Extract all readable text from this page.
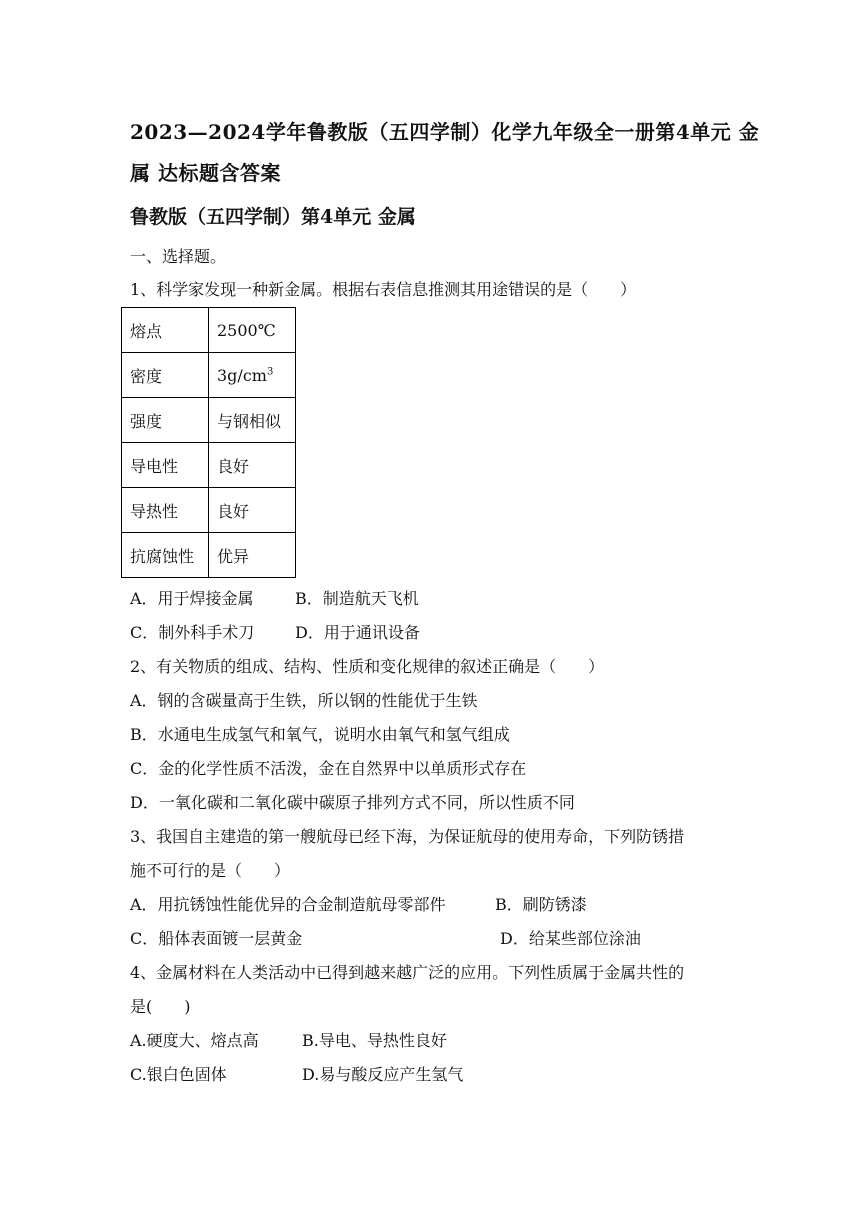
2023—2024学年鲁教版（五四学制）化学九年级全一册第4单元 金
属 达标题含答案
鲁教版（五四学制）第4单元 金属
一、选择题。
1、科学家发现一种新金属。根据右表信息推测其用途错误的是（　　）
熔点	2500℃
密度	$3g/cm^3$
强度	与钢相似
导电性	良好
导热性	良好
抗腐蚀性	优异
A．用于焊接金属	B．制造航天飞机
C．制外科手术刀	D．用于通讯设备
2、有关物质的组成、结构、性质和变化规律的叙述正确是（　　）
A．钢的含碳量高于生铁，所以钢的性能优于生铁
B．水通电生成氢气和氧气，说明水由氧气和氢气组成
C．金的化学性质不活泼，金在自然界中以单质形式存在
D．一氧化碳和二氧化碳中碳原子排列方式不同，所以性质不同
3、我国自主建造的第一艘航母已经下海，为保证航母的使用寿命，下列防锈措
施不可行的是（　　）
A．用抗锈蚀性能优异的合金制造航母零部件	B．刷防锈漆
C．船体表面镀一层黄金	D．给某些部位涂油
4、金属材料在人类活动中已得到越来越广泛的应用。下列性质属于金属共性的
是(　　)
A.硬度大、熔点高	B.导电、导热性良好
C.银白色固体	D.易与酸反应产生氢气
